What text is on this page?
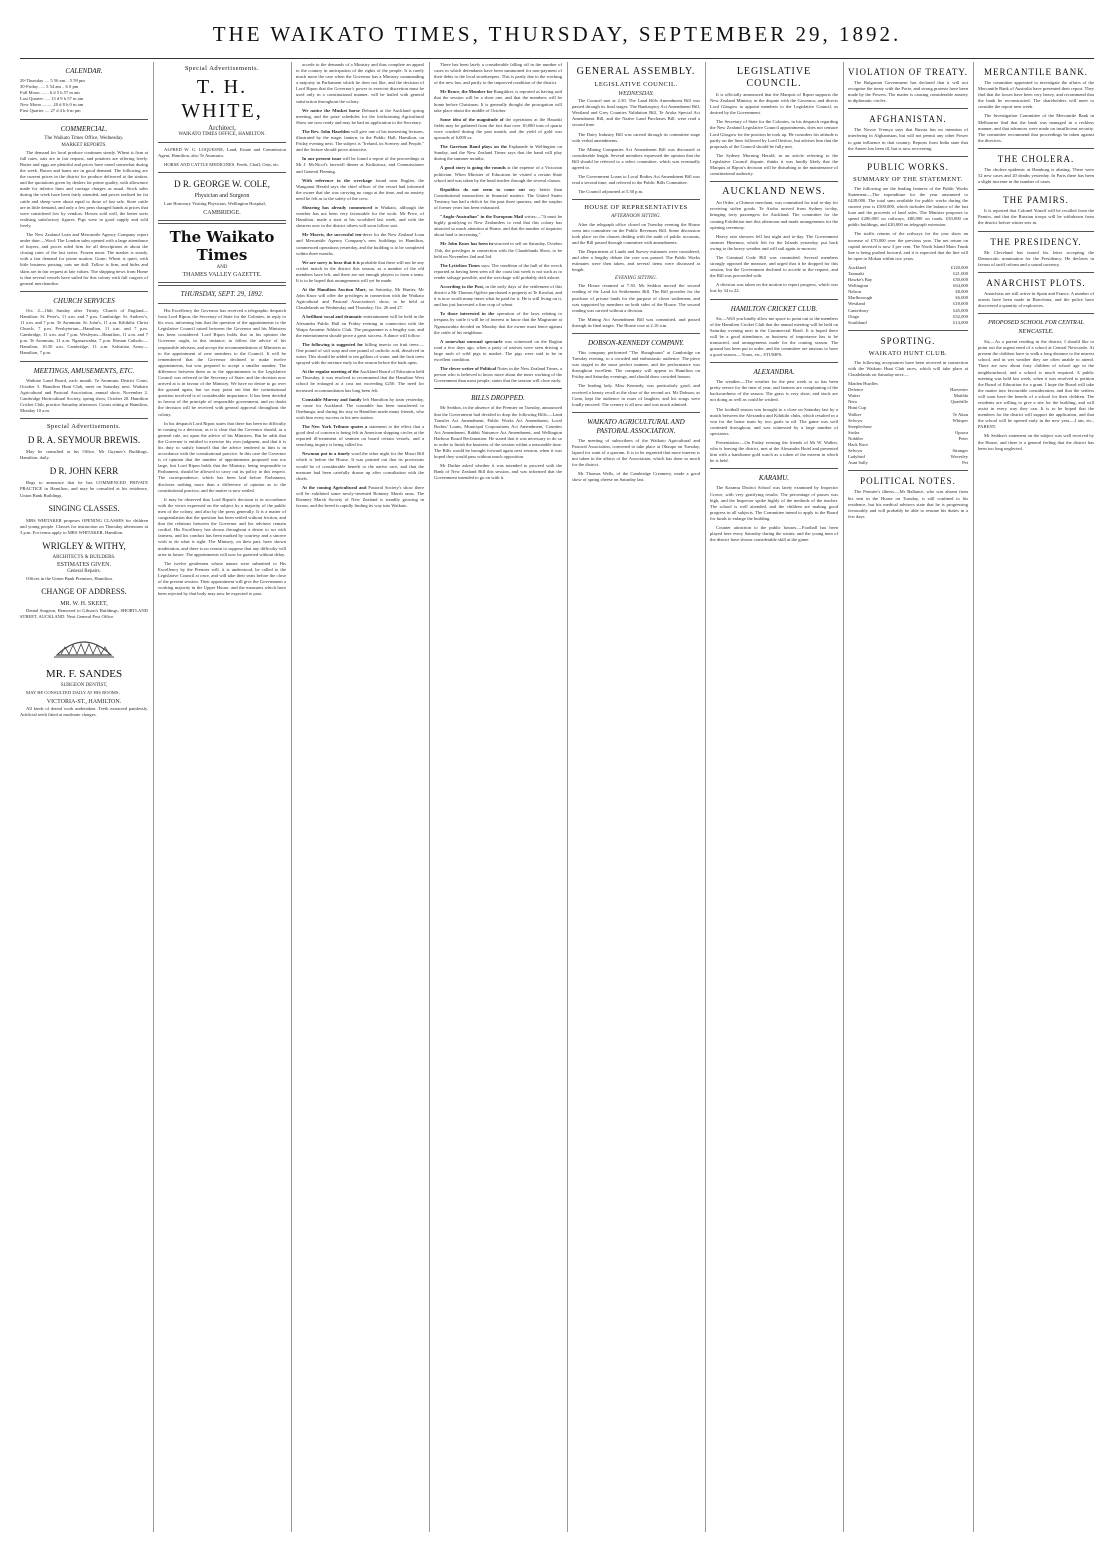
THE WAIKATO TIMES, THURSDAY, SEPTEMBER 29, 1892.
CALENDAR.
29-Thursday .... 5 56 am .. 5 59 pm
30-Friday ..... 5 54 am .. 6 0 pm
Full Moon ....... 6 d 5 h 57 m am
Last Quarter ..... 13 d 9 h 57 m am
New Moon ......... 20 d 8 h 0 m am
First Quarter .... 27 d 4 h 6 m pm
COMMERCIAL.
The Waikato Times Office, Wednesday.
MARKET REPORTS.

The demand for local produce continues steady. Wheat is firm at full rates, oats are in fair request, and potatoes are offering freely. Butter and eggs are plentiful and prices have eased somewhat during the week. Bacon and hams are in good demand. The following are the current prices in the district for produce delivered at the station, and the quotations given by dealers for prime quality, with allowance made for inferior lines and carriage charges as usual. Stock sales during the week have been fairly attended, and prices realised for fat cattle and sheep were about equal to those of last sale. Store cattle are in little demand, and only a few pens changed hands at prices that were considered low by vendors. Horses sold well, the better sorts realising satisfactory figures. Pigs were in good supply and sold freely.

The New Zealand Loan and Mercantile Agency Company report under date:—Wool: The London sales opened with a large attendance of buyers, and prices ruled firm for all descriptions at about the closing rates of the last series. Frozen meat: The market is steady, with a fair demand for prime mutton. Grain: Wheat is quiet, with little business passing; oats are dull. Tallow is firm, and hides and skins are in fair request at late values. The shipping news from Home is that several vessels have sailed for this colony with full cargoes of general merchandise.

CHURCH SERVICES

Oct. 2—16th Sunday after Trinity. Church of England—Hamilton: St. Peter's, 11 a.m. and 7 p.m. Cambridge: St. Andrew's, 11 a.m. and 7 p.m. Te Awamutu: St. John's, 11 a.m. Kihikihi: Christ Church, 7 p.m. Presbyterian—Hamilton, 11 a.m. and 7 p.m. Cambridge, 11 a.m. and 7 p.m. Wesleyan—Hamilton, 11 a.m. and 7 p.m. Te Awamutu, 11 a.m. Ngaruawahia, 7 p.m. Roman Catholic—Hamilton, 10.30 a.m. Cambridge, 11 a.m. Salvation Army—Hamilton, 7 p.m.

MEETINGS, AMUSEMENTS, ETC.

Waikato Land Board, each month. Te Awamutu District Court, October 3. Hamilton Hunt Club, meet on Saturday next. Waikato Agricultural and Pastoral Association, annual show, November 2. Cambridge Horticultural Society, spring show, October 20. Hamilton Cricket Club, practice Saturday afternoon. Courts sitting at Hamilton, Monday 10 a.m.

Special Advertisements.
D R. A. SEYMOUR BREWIS.

May be consulted at his Office, Mr Guymer's Buildings, Hamilton, daily.

D R. JOHN KERR

Begs to announce that he has COMMENCED PRIVATE PRACTICE in Hamilton, and may be consulted at his residence, Union Bank Buildings.

SINGING CLASSES.

MRS WHITAKER proposes OPENING CLASSES for children and young people. Classes for instruction on Thursday afternoons at 3 p.m. For terms apply to MRS WHITAKER, Hamilton.

WRIGLEY & WITHY,
ARCHITECTS & BUILDERS.
ESTIMATES GIVEN.
General Repairs.

Offices in the Union Bank Premises, Hamilton.

CHANGE OF ADDRESS.
MR. W. H. SKEET,

Dental Surgeon, Removed to Gibson's Buildings, SHORTLAND STREET, AUCKLAND. Next General Post Office.

MR. F. SANDES
SURGEON DENTIST,

MAY BE CONSULTED DAILY AT HIS ROOMS,

VICTORIA-ST., HAMILTON.

All kinds of dental work undertaken. Teeth extracted painlessly. Artificial teeth fitted at moderate charges.

Special Advertisements.
T. H. WHITE,
Architect,
WAIKATO TIMES OFFICE, HAMILTON.

ALFRED W. G. LOQUESNE, Land, Estate and Commission Agent, Hamilton, also Te Awamutu.

HORSE AND CATTLE MEDICINES. Feeds, Chaff, Oats, etc.

D R. GEORGE W. COLE,
Physician and Surgeon

Late Honorary Visiting Physician, Wellington Hospital,

CAMBRIDGE.
The Waikato Times
AND
THAMES VALLEY GAZETTE.
THURSDAY, SEPT. 29, 1892.

His Excellency the Governor has received a telegraphic despatch from Lord Ripon, the Secretary of State for the Colonies, in reply to his own, informing him that the question of the appointments to the Legislative Council raised between the Governor and his Ministers has been considered. Lord Ripon holds that in his opinion the Governor ought, in this instance, to follow the advice of his responsible advisers, and accept the recommendations of Ministers as to the appointment of new members to the Council. It will be remembered that the Governor declined to make twelve appointments, but was prepared to accept a smaller number. The difference between them as to the appointments to the Legislative Council was referred to the Secretary of State, and the decision now arrived at is in favour of the Ministry. We have no desire to go over the ground again, but we may point out that the constitutional question involved is of considerable importance. It has been decided in favour of the principle of responsible government, and no doubt the decision will be received with general approval throughout the colony.

In his despatch Lord Ripon states that there has been no difficulty in coming to a decision, as it is clear that the Governor should, as a general rule, act upon the advice of his Ministers. But he adds that the Governor is entitled to exercise his own judgment, and that it is his duty to satisfy himself that the advice tendered to him is in accordance with the constitutional practice. In this case the Governor is of opinion that the number of appointments proposed was too large, but Lord Ripon holds that the Ministry, being responsible to Parliament, should be allowed to carry out its policy in this respect. The correspondence, which has been laid before Parliament, discloses nothing more than a difference of opinion as to the constitutional practice, and the matter is now settled.

It may be observed that Lord Ripon's decision is in accordance with the views expressed on the subject by a majority of the public men of the colony, and also by the press generally. It is a matter of congratulation that the question has been settled without friction, and that the relations between the Governor and his advisers remain cordial. His Excellency has shown throughout a desire to act with fairness, and his conduct has been marked by courtesy and a sincere wish to do what is right. The Ministry, on their part, have shown moderation, and there is no reason to suppose that any difficulty will arise in future. The appointments will now be gazetted without delay.

The twelve gentlemen whose names were submitted to His Excellency by the Premier will, it is understood, be called to the Legislative Council at once, and will take their seats before the close of the present session. Their appointment will give the Government a working majority in the Upper House, and the measures which have been rejected by that body may now be expected to pass.

accede to the demands of a Ministry and thus complete an appeal to the country in anticipation of the rights of the people. It is rarely much more the case when the Governor has a Ministry commanding a majority in Parliament which he does not like, and the decision of Lord Ripon that the Governor's power to exercise discretion must be used only in a constitutional manner, will be hailed with general satisfaction throughout the colony.

We notice the Musket horse Delmark at the Auckland spring meeting, and the prize schedules for the forthcoming Agricultural Show are now ready and may be had on application to the Secretary.

The Rev. John Haselden will give one of his interesting lectures, illustrated by the magic lantern, in the Public Hall, Hamilton, on Friday evening next. The subject is "Ireland, its Scenery and People," and the lecture should prove attractive.

In our present issue will be found a report of the proceedings at Mr J. McNicol's farewell dinner at Kirikiriroa, and Commissioner and General Fleming.

With reference to the wreckage found near Raglan, the Wanganui Herald says the chief officer of the vessel had informed the owner that she was carrying no cargo at the time, and no anxiety need be felt as to the safety of the crew.

Shearing has already commenced in Waikato, although the weather has not been very favourable for the work. Mr Price, of Hamilton, made a start at his woolshed last week, and with the shearers now in the district others will soon follow suit.

Mr Morris, the successful ten-derer for the New Zealand Loan and Mercantile Agency Company's new buildings in Hamilton, commenced operations yesterday, and the building is to be completed within three months.

We are sorry to hear that it is probable that there will not be any cricket match in the district this season, as a number of the old members have left, and there are not enough players to form a team. It is to be hoped that arrangements will yet be made.

At the Hamilton Auction Mart, on Saturday, Mr Hunter, Mr John Knox will offer the privileges in connection with the Waikato Agricultural and Pastoral Association's show, to be held at Claudelands on Wednesday and Thursday, Oct. 26 and 27.

A brilliant vocal and dramatic entertainment will be held in the Alexandra Public Hall on Friday evening in connection with the Waipa Amateur Athletic Club. The programme is a lengthy one, and the entertainment should prove a great success. A dance will follow.

The following is suggested for killing insects on fruit trees:—One pound of soft soap and one pound of carbolic acid, dissolved in water. This should be added to ten gallons of water, and the fruit trees sprayed with the mixture early in the season before the buds open.

At the regular meeting of the Auckland Board of Education held on Thursday, it was resolved to recommend that the Hamilton West school be enlarged at a cost not exceeding £250. The need for increased accommodation has long been felt.

Constable Murray and family left Hamilton by train yesterday, en route for Auckland. The constable has been transferred to Onehunga, and during his stay in Hamilton made many friends, who wish him every success in his new station.

The New York Tribune quotes a statement to the effect that a good deal of concern is being felt in American shipping circles at the reported ill-treatment of seamen on board certain vessels, and a searching inquiry is being called for.

Newman put in a timely word the other night for the Maori Bill which is before the House. It was pointed out that its provisions would be of considerable benefit to the native race, and that the measure had been carefully drawn up after consultation with the chiefs.

At the coming Agricultural and Pastoral Society's show there will be exhibited some newly-invented Romney Marsh rams. The Romney Marsh Society of New Zealand is steadily growing in favour, and the breed is rapidly finding its way into Waikato.

There has been lately a considerable falling off in the number of cases in which defendants have been summoned for non-payment of their debts to the local storekeepers. This is partly due to the working of the new law, and partly to the improved condition of the district.

Mr Bruce, the Member for Rangitikei, is reported as having said that the session will be a short one, and that the members will be home before Christmas. It is generally thought the prorogation will take place about the middle of October.

Some idea of the magnitude of the operations at the Hauraki fields may be gathered from the fact that over 10,000 tons of quartz were crushed during the past month, and the yield of gold was upwards of 6,000 oz.

The Garrison Band plays on the Esplanade in Wellington on Sunday, and the New Zealand Times says that the band will play during the summer months.

A good story is going the rounds at the expense of a Victorian politician. When Minister of Education he visited a certain State school and was taken by the head teacher through the several classes.

Republics do not seem to come out any better than Constitutional monarchies in financial matters. The United States Treasury has had a deficit for the past three quarters, and the surplus of former years has been exhausted.

"Anglo-Australian" in the European Mail writes:—"It must be highly gratifying to New Zealanders to read that this colony has attracted so much attention at Home, and that the number of inquiries about land is increasing."

Mr John Knox has been in-structed to sell on Saturday, October 15th, the privileges in connection with the Claudelands Show, to be held on November 2nd and 3rd.

The Lyttelton Times says: The condition of the hull of the wreck reported as having been seen off the coast last week is not such as to render salvage possible, and the wreckage will probably drift ashore.

According to the Post, in the early days of the settlement of this district a Mr Thomas Ogilvie purchased a property at Te Kowhai, and it is now worth many times what he paid for it. He is still living on it, and has just harvested a fine crop of wheat.

To those interested in the operation of the laws relating to trespass by cattle it will be of interest to know that the Magistrate at Ngaruawahia decided on Monday that the owner must fence against the cattle of his neighbour.

A somewhat unusual spectacle was witnessed on the Raglan road a few days ago, when a party of natives were seen driving a large mob of wild pigs to market. The pigs were said to be in excellent condition.

The clever writer of Political Notes in the New Zealand Times, a person who is believed to know more about the inner working of the Government than most people, states that the session will close early.

BILLS DROPPED.

Mr Seddon, in the absence of the Premier on Tuesday, announced that the Government had decided to drop the following Bills:—Land Transfer Act Amendment, Public Works Act Amendment, Local Bodies' Loans, Municipal Corporations Act Amendment, Counties Act Amendment, Rabbit Nuisance Act Amendment, and Wellington Harbour Board Reclamation. He stated that it was necessary to do so in order to finish the business of the session within a reasonable time. The Bills would be brought forward again next session, when it was hoped they would pass without much opposition.

Mr Duthie asked whether it was intended to proceed with the Bank of New Zealand Bill this session, and was informed that the Government intended to go on with it.

GENERAL ASSEMBLY.
LEGISLATIVE COUNCIL.
WEDNESDAY.

The Council met at 2.30. The Land Bills Amendment Bill was passed through its final stages. The Bankruptcy Act Amendment Bill, Westland and Grey Counties Validation Bill, Te Aroha Special Act Amendment Bill, and the Native Land Purchases Bill, were read a second time.

The Dairy Industry Bill was carried through its committee stage with verbal amendments.

The Mining Companies Act Amendment Bill was discussed at considerable length. Several members expressed the opinion that the Bill should be referred to a select committee, which was eventually agreed to.

The Government Loans to Local Bodies Act Amendment Bill was read a second time, and referred to the Public Bills Committee.

The Council adjourned at 5.30 p.m.

HOUSE OF REPRESENTATIVES
AFTERNOON SITTING.

After the telegraph office closed on Tuesday evening the House went into committee on the Public Revenues Bill. Some discussion took place on the clauses dealing with the audit of public accounts, and the Bill passed through committee with amendments.

The Department of Lands and Survey estimates were considered, and after a lengthy debate the vote was passed. The Public Works estimates were then taken, and several items were discussed at length.

EVENING SITTING.

The House resumed at 7.30. Mr Seddon moved the second reading of the Land for Settlements Bill. The Bill provides for the purchase of private lands for the purpose of closer settlement, and was supported by members on both sides of the House. The second reading was carried without a division.

The Mining Act Amendment Bill was committed, and passed through its final stages. The House rose at 2.10 a.m.

DOBSON-KENNEDY COMPANY.

This company performed "The Shaughraun" at Cambridge on Tuesday evening, to a crowded and enthusiastic audience. The piece was staged in the most perfect manner, and the performance was throughout excellent. The company will appear in Hamilton on Friday and Saturday evenings, and should draw crowded houses.

The leading lady, Miss Kennedy, was particularly good, and received a hearty recall at the close of the second act. Mr Dobson, as Conn, kept the audience in roars of laughter, and his songs were loudly encored. The scenery is all new and was much admired.

WAIKATO AGRICULTURAL AND PASTORAL ASSOCIATION.

The meeting of subscribers of the Waikato Agricultural and Pastoral Association, convened to take place at Ohaupo on Tuesday, lapsed for want of a quorum. It is to be regretted that more interest is not taken in the affairs of the Association, which has done so much for the district.

Mr Thomas Wells, of the Cambridge Creamery, made a good show of spring cheese on Saturday last.

LEGISLATIVE COUNCIL.

It is officially announced that the Marquis of Ripon supports the New Zealand Ministry in the dispute with the Governor, and directs Lord Glasgow to appoint members to the Legislative Council, as desired by the Government.

The Secretary of State for the Colonies, in his despatch regarding the New Zealand Legislative Council appointments, does not censure Lord Glasgow for the position he took up. He considers his attitude is partly on the lines followed by Lord Onslow, but advises him that the proposals of the Council should be fully met.

The Sydney Morning Herald, in an article referring to the Legislative Council dispute, thinks it was hardly likely that the Marquis of Ripon's decision will be disturbing to the maintenance of constitutional authority.

AUCKLAND NEWS.

An Order, a Chinese merchant, was committed for trial to-day for receiving stolen goods. Te Aroha arrived from Sydney to-day, bringing forty passengers for Auckland. The committee for the coming Exhibition met this afternoon and made arrangements for the opening ceremony.

Heavy rain showers fell last night and to-day. The Government steamer Hinemoa, which left for the Islands yesterday, put back owing to the heavy weather and will sail again to-morrow.

The Criminal Code Bill was committed. Several members strongly opposed the measure, and urged that it be dropped for this session, but the Government declined to accede to the request, and the Bill was proceeded with.

A division was taken on the motion to report progress, which was lost by 34 to 22.

HAMILTON CRICKET CLUB.

Sir,—Will you kindly allow me space to point out to the members of the Hamilton Cricket Club that the annual meeting will be held on Saturday evening next in the Commercial Hotel. It is hoped there will be a good attendance, as business of importance has to be transacted, and arrangements made for the coming season. The ground has been put in order, and the committee are anxious to have a good season.—Yours, etc., STUMPS.

ALEXANDRA.

The weather.—The weather for the past week or so has been pretty severe for the time of year, and farmers are complaining of the backwardness of the season. The grass is very short, and stock are not doing as well as could be wished.

The football season was brought to a close on Saturday last by a match between the Alexandra and Kihikihi clubs, which resulted in a win for the home team by two goals to nil. The game was well contested throughout, and was witnessed by a large number of spectators.

Presentation.—On Friday evening the friends of Mr W. Walker, who is leaving the district, met at the Alexandra Hotel and presented him with a handsome gold watch as a token of the esteem in which he is held.

KARAMU.

The Karamu District School was lately examined by Inspector Crowe, with very gratifying results. The percentage of passes was high, and the Inspector spoke highly of the methods of the teacher. The school is well attended, and the children are making good progress in all subjects. The Committee intend to apply to the Board for funds to enlarge the building.

Counter attraction to the public houses.—Football has been played here every Saturday during the winter, and the young men of the district have shown considerable skill at the game.

VIOLATION OF TREATY.

The Bulgarian Government has declared that it will not recognise the treaty with the Porte, and strong protests have been made by the Powers. The matter is causing considerable anxiety in diplomatic circles.

AFGHANISTAN.

The Novoe Vremya says that Russia has no intention of interfering in Afghanistan, but will not permit any other Power to gain influence in that country. Reports from India state that the Ameer has been ill, but is now recovering.

PUBLIC WORKS.
SUMMARY OF THE STATEMENT.

The following are the leading features of the Public Works Statement:—The expenditure for the year amounted to £428,000. The total sum available for public works during the current year is £500,000, which includes the balance of the last loan and the proceeds of land sales. The Minister proposes to spend £200,000 on railways, £80,000 on roads, £50,000 on public buildings, and £20,000 on telegraph extension.

The traffic returns of the railways for the year show an increase of £70,000 over the previous year. The net return on capital invested is now 3 per cent. The North Island Main Trunk line is being pushed forward, and it is expected that the line will be open to Mokau within two years.

Auckland	£120,000
Taranaki	£21,000
Hawke's Bay	£30,000
Wellington	£64,000
Nelson	£8,000
Marlborough	£6,000
Westland	£18,000
Canterbury	£45,000
Otago	£52,000
Southland	£14,000
SPORTING.
WAIKATO HUNT CLUB.

The following acceptances have been received in connection with the Waikato Hunt Club races, which will take place at Claudelands on Saturday next:—

Maiden Hurdles
Defence	Harvester
Waiter	Matilda
Nero	Quadrille
Hunt Cup
Walker	Te Akau
Selwyn	Whisper
Steeplechase
Sirdar	Opawa
Nobbler	Peter
Hack Race
Selwyn	Stranger
Ladybird	Waverley
Aunt Sally	Pet
POLITICAL NOTES.

The Premier's illness.—Mr Ballance, who was absent from his seat in the House on Tuesday, is still confined to his residence, but his medical advisers state that he is progressing favourably and will probably be able to resume his duties in a few days.

MERCANTILE BANK.

The committee appointed to investigate the affairs of the Mercantile Bank of Australia have presented their report. They find that the losses have been very heavy, and recommend that the bank be reconstructed. The shareholders will meet to consider the report next week.

The Investigation Committee of the Mercantile Bank in Melbourne find that the bank was managed in a reckless manner, and that advances were made on insufficient security. The committee recommend that proceedings be taken against the directors.

THE CHOLERA.

The cholera epidemic at Hamburg is abating. There were 52 new cases and 20 deaths yesterday. In Paris there has been a slight increase in the number of cases.

THE PAMIRS.

It is reported that Colonel Yonoff will be recalled from the Pamirs, and that the Russian troops will be withdrawn from the district before winter sets in.

THE PRESIDENCY.

Mr Cleveland has issued his letter accepting the Democratic nomination for the Presidency. He declares in favour of tariff reform and a sound currency.

ANARCHIST PLOTS.

Anarchists are still active in Spain and France. A number of arrests have been made in Barcelona, and the police have discovered a quantity of explosives.

PROPOSED SCHOOL FOR CENTRAL NEWCASTLE.

Sir,—As a parent residing in the district, I should like to point out the urgent need of a school at Central Newcastle. At present the children have to walk a long distance to the nearest school, and in wet weather they are often unable to attend. There are now about forty children of school age in the neighbourhood, and a school is much required. A public meeting was held last week, when it was resolved to petition the Board of Education for a grant. I hope the Board will take the matter into favourable consideration, and that the settlers will soon have the benefit of a school for their children. The residents are willing to give a site for the building, and will assist in every way they can. It is to be hoped that the members for the district will support the application, and that the school will be opened early in the new year.—I am, etc., PARENT.

Mr Seddon's statement on the subject was well received by the House, and there is a general feeling that the district has been too long neglected.
